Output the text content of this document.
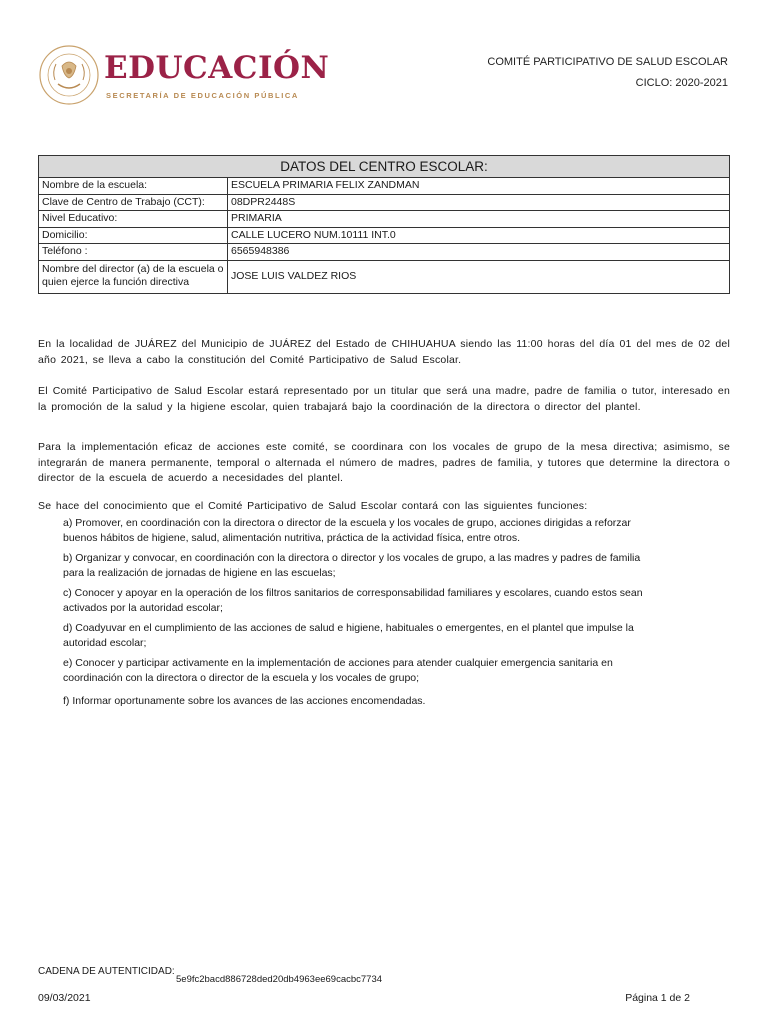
EDUCACIÓN
SECRETARÍA DE EDUCACIÓN PÚBLICA
COMITÉ PARTICIPATIVO DE SALUD ESCOLAR
CICLO: 2020-2021
DATOS DEL CENTRO ESCOLAR:	
Nombre de la escuela:	ESCUELA PRIMARIA FELIX ZANDMAN
Clave de Centro de Trabajo (CCT):	08DPR2448S
Nivel Educativo:	PRIMARIA
Domicilio:	CALLE LUCERO NUM.10111 INT.0
Teléfono :	6565948386
Nombre del director (a) de la escuela o quien ejerce la función directiva	JOSE LUIS VALDEZ RIOS
En la localidad de JUÁREZ del Municipio de JUÁREZ del Estado de CHIHUAHUA siendo las 11:00 horas del día 01 del mes de 02 del año 2021, se lleva a cabo la constitución del Comité Participativo de Salud Escolar.
El Comité Participativo de Salud Escolar estará representado por un titular que será una madre, padre de familia o tutor, interesado en la promoción de la salud y la higiene escolar, quien trabajará bajo la coordinación de la directora o director del plantel.
Para la implementación eficaz de acciones este comité, se coordinara con los vocales de grupo de la mesa directiva; asimismo, se integrarán de manera permanente, temporal o alternada el número de madres, padres de familia, y tutores que determine la directora o director de la escuela de acuerdo a necesidades del plantel.
Se hace del conocimiento que el Comité Participativo de Salud Escolar contará con las siguientes funciones:

a) Promover, en coordinación con la directora o director de la escuela y los vocales de grupo, acciones dirigidas a reforzar buenos hábitos de higiene, salud, alimentación nutritiva, práctica de la actividad física, entre otros.

b) Organizar y convocar, en coordinación con la directora o director y los vocales de grupo, a las madres y padres de familia para la realización de jornadas de higiene en las escuelas;

c) Conocer y apoyar en la operación de los filtros sanitarios de corresponsabilidad familiares y escolares, cuando estos sean activados por la autoridad escolar;

d) Coadyuvar en el cumplimiento de las acciones de salud e higiene, habituales o emergentes, en el plantel que impulse la autoridad escolar;

e) Conocer y participar activamente en la implementación de acciones para atender cualquier emergencia sanitaria en coordinación con la directora o director de la escuela y los vocales de grupo;

f) Informar oportunamente sobre los avances de las acciones encomendadas.

CADENA DE AUTENTICIDAD:
5e9fc2bacd886728ded20db4963ee69cacbc7734
09/03/2021	Página 1 de 2
